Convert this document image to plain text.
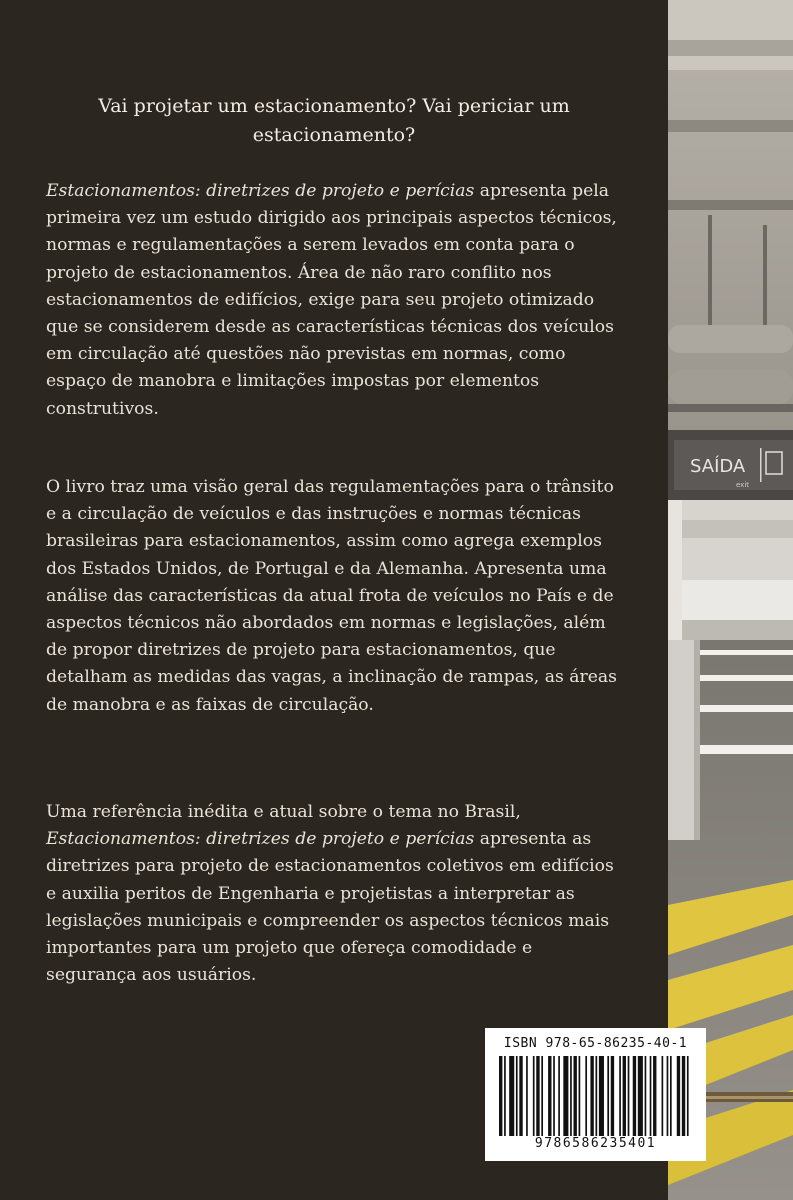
Vai projetar um estacionamento? Vai periciar um estacionamento?

Estacionamentos: diretrizes de projeto e perícias apresenta pela primeira vez um estudo dirigido aos principais aspectos técnicos, normas e regulamentações a serem levados em conta para o projeto de estacionamentos. Área de não raro conflito nos estacionamentos de edifícios, exige para seu projeto otimizado que se considerem desde as características técnicas dos veículos em circulação até questões não previstas em normas, como espaço de manobra e limitações impostas por elementos construtivos.

O livro traz uma visão geral das regulamentações para o trânsito e a circulação de veículos e das instruções e normas técnicas brasileiras para estacionamentos, assim como agrega exemplos dos Estados Unidos, de Portugal e da Alemanha. Apresenta uma análise das características da atual frota de veículos no País e de aspectos técnicos não abordados em normas e legislações, além de propor diretrizes de projeto para estacionamentos, que detalham as medidas das vagas, a inclinação de rampas, as áreas de manobra e as faixas de circulação.

Uma referência inédita e atual sobre o tema no Brasil, Estacionamentos: diretrizes de projeto e perícias apresenta as diretrizes para projeto de estacionamentos coletivos em edifícios e auxilia peritos de Engenharia e projetistas a interpretar as legislações municipais e compreender os aspectos técnicos mais importantes para um projeto que ofereça comodidade e segurança aos usuários.

SAÍDA
exit
ISBN 978-65-86235-40-1
9786586235401
